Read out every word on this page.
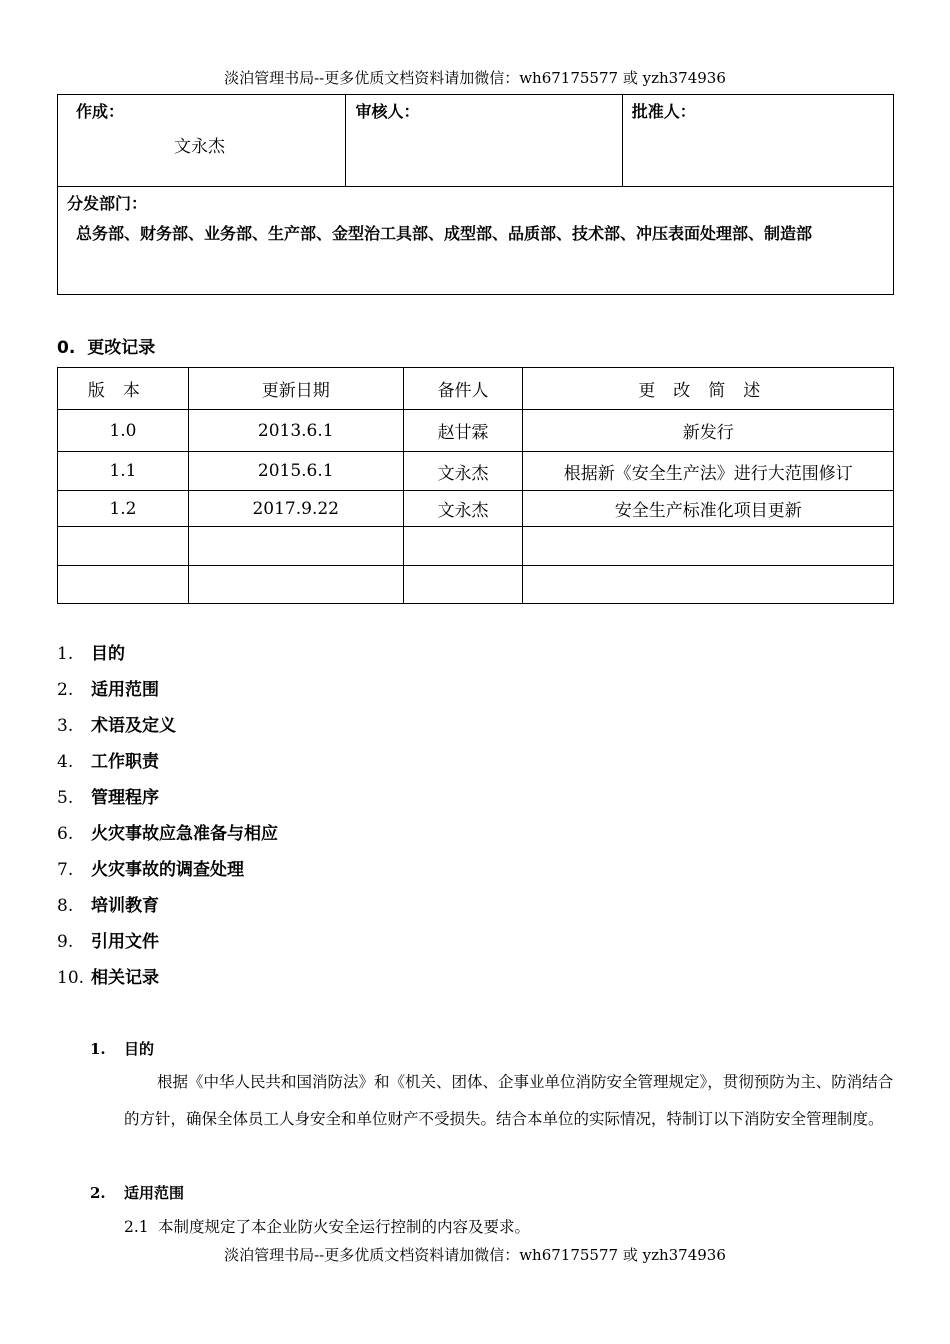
淡泊管理书局--更多优质文档资料请加微信：wh67175577 或 yzh374936
作成：
文永杰

审核人：	批准人：

分发部门：
总务部、财务部、业务部、生产部、金型治工具部、成型部、品质部、技术部、冲压表面处理部、制造部
0. 更改记录
版本	更新日期	备件人	更改简述
1.0	2013.6.1	赵甘霖	新发行
1.1	2015.6.1	文永杰	根据新《安全生产法》进行大范围修订
1.2	2017.9.22	文永杰	安全生产标准化项目更新

1. 目的
2. 适用范围
3. 术语及定义
4. 工作职责
5. 管理程序
6. 火灾事故应急准备与相应
7. 火灾事故的调查处理
8. 培训教育
9. 引用文件
10. 相关记录
1. 目的
根据《中华人民共和国消防法》和《机关、团体、企事业单位消防安全管理规定》，贯彻预防为主、防消结合的方针，确保全体员工人身安全和单位财产不受损失。结合本单位的实际情况，特制订以下消防安全管理制度。
2. 适用范围
2.1 本制度规定了本企业防火安全运行控制的内容及要求。
淡泊管理书局--更多优质文档资料请加微信：wh67175577 或 yzh374936
